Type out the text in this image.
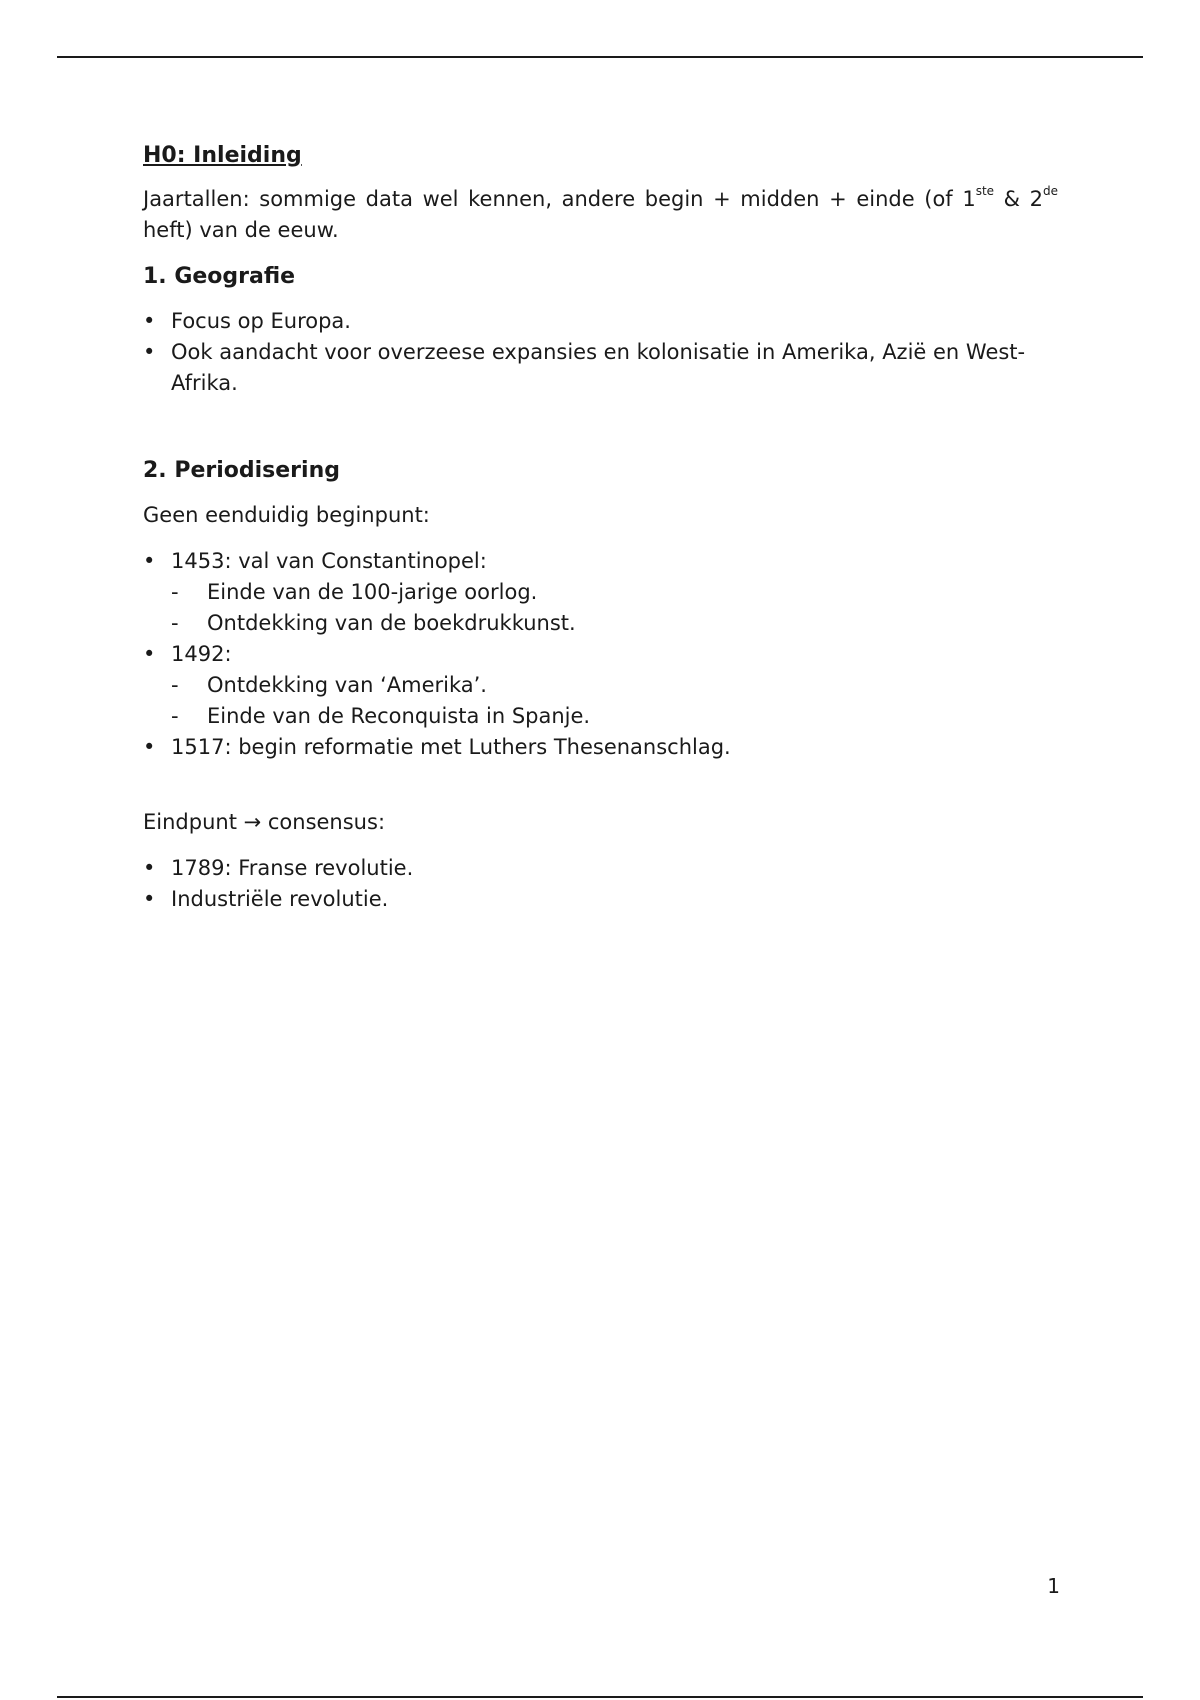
H0: Inleiding

Jaartallen: sommige data wel kennen, andere begin + midden + einde (of 1ste & 2de heft) van de eeuw.

1. Geografie
• Focus op Europa.
• Ook aandacht voor overzeese expansies en kolonisatie in Amerika, Azië en West-Afrika.
2. Periodisering

Geen eenduidig beginpunt:

• 1453: val van Constantinopel:
-	Einde van de 100-jarige oorlog.
-	Ontdekking van de boekdrukkunst.
• 1492:
-	Ontdekking van ‘Amerika’.
-	Einde van de Reconquista in Spanje.
• 1517: begin reformatie met Luthers Thesenanschlag.

Eindpunt → consensus:

• 1789: Franse revolutie.
• Industriële revolutie.
1
